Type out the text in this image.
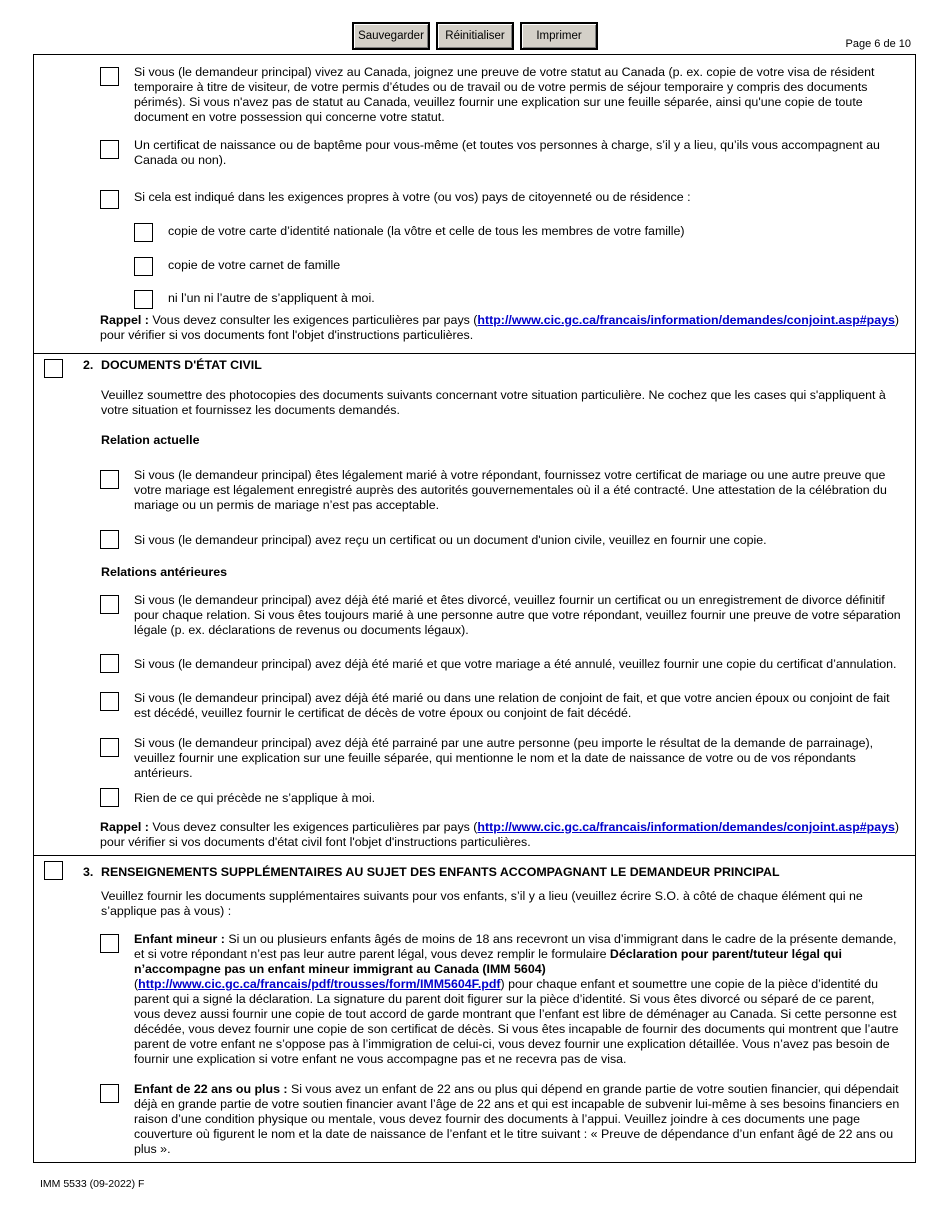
Sauvegarder	Réinitialiser	Imprimer
Page 6 de 10
Si vous (le demandeur principal) vivez au Canada, joignez une preuve de votre statut au Canada (p. ex. copie de votre visa de résident temporaire à titre de visiteur, de votre permis d’études ou de travail ou de votre permis de séjour temporaire y compris des documents périmés). Si vous n'avez pas de statut au Canada, veuillez fournir une explication sur une feuille séparée, ainsi qu'une copie de toute document en votre possession qui concerne votre statut.
Un certificat de naissance ou de baptême pour vous-même (et toutes vos personnes à charge, s’il y a lieu, qu’ils vous accompagnent au Canada ou non).
Si cela est indiqué dans les exigences propres à votre (ou vos) pays de citoyenneté ou de résidence :
copie de votre carte d’identité nationale (la vôtre et celle de tous les membres de votre famille)
copie de votre carnet de famille
ni l’un ni l’autre de s’appliquent à moi.
Rappel : Vous devez consulter les exigences particulières par pays (http://www.cic.gc.ca/francais/information/demandes/conjoint.asp#pays) pour vérifier si vos documents font l'objet d'instructions particulières.
2. DOCUMENTS D'ÉTAT CIVIL
Veuillez soumettre des photocopies des documents suivants concernant votre situation particulière. Ne cochez que les cases qui s'appliquent à votre situation et fournissez les documents demandés.
Relation actuelle
Si vous (le demandeur principal) êtes légalement marié à votre répondant, fournissez votre certificat de mariage ou une autre preuve que votre mariage est légalement enregistré auprès des autorités gouvernementales où il a été contracté. Une attestation de la célébration du mariage ou un permis de mariage n’est pas acceptable.
Si vous (le demandeur principal) avez reçu un certificat ou un document d'union civile, veuillez en fournir une copie.
Relations antérieures
Si vous (le demandeur principal) avez déjà été marié et êtes divorcé, veuillez fournir un certificat ou un enregistrement de divorce définitif pour chaque relation. Si vous êtes toujours marié à une personne autre que votre répondant, veuillez fournir une preuve de votre séparation légale (p. ex. déclarations de revenus ou documents légaux).
Si vous (le demandeur principal) avez déjà été marié et que votre mariage a été annulé, veuillez fournir une copie du certificat d’annulation.
Si vous (le demandeur principal) avez déjà été marié ou dans une relation de conjoint de fait, et que votre ancien époux ou conjoint de fait est décédé, veuillez fournir le certificat de décès de votre époux ou conjoint de fait décédé.
Si vous (le demandeur principal) avez déjà été parrainé par une autre personne (peu importe le résultat de la demande de parrainage), veuillez fournir une explication sur une feuille séparée, qui mentionne le nom et la date de naissance de votre ou de vos répondants antérieurs.
Rien de ce qui précède ne s’applique à moi.
Rappel : Vous devez consulter les exigences particulières par pays (http://www.cic.gc.ca/francais/information/demandes/conjoint.asp#pays) pour vérifier si vos documents d'état civil font l'objet d'instructions particulières.
3. RENSEIGNEMENTS SUPPLÉMENTAIRES AU SUJET DES ENFANTS ACCOMPAGNANT LE DEMANDEUR PRINCIPAL
Veuillez fournir les documents supplémentaires suivants pour vos enfants, s’il y a lieu (veuillez écrire S.O. à côté de chaque élément qui ne s’applique pas à vous) :
Enfant mineur : Si un ou plusieurs enfants âgés de moins de 18 ans recevront un visa d’immigrant dans le cadre de la présente demande, et si votre répondant n’est pas leur autre parent légal, vous devez remplir le formulaire Déclaration pour parent/tuteur légal qui n’accompagne pas un enfant mineur immigrant au Canada (IMM 5604) (http://www.cic.gc.ca/francais/pdf/trousses/form/IMM5604F.pdf) pour chaque enfant et soumettre une copie de la pièce d’identité du parent qui a signé la déclaration. La signature du parent doit figurer sur la pièce d’identité. Si vous êtes divorcé ou séparé de ce parent, vous devez aussi fournir une copie de tout accord de garde montrant que l’enfant est libre de déménager au Canada. Si cette personne est décédée, vous devez fournir une copie de son certificat de décès. Si vous êtes incapable de fournir des documents qui montrent que l’autre parent de votre enfant ne s’oppose pas à l’immigration de celui-ci, vous devez fournir une explication détaillée. Vous n’avez pas besoin de fournir une explication si votre enfant ne vous accompagne pas et ne recevra pas de visa.
Enfant de 22 ans ou plus : Si vous avez un enfant de 22 ans ou plus qui dépend en grande partie de votre soutien financier, qui dépendait déjà en grande partie de votre soutien financier avant l’âge de 22 ans et qui est incapable de subvenir lui-même à ses besoins financiers en raison d’une condition physique ou mentale, vous devez fournir des documents à l’appui. Veuillez joindre à ces documents une page couverture où figurent le nom et la date de naissance de l’enfant et le titre suivant : « Preuve de dépendance d’un enfant âgé de 22 ans ou plus ».
IMM 5533 (09-2022) F
